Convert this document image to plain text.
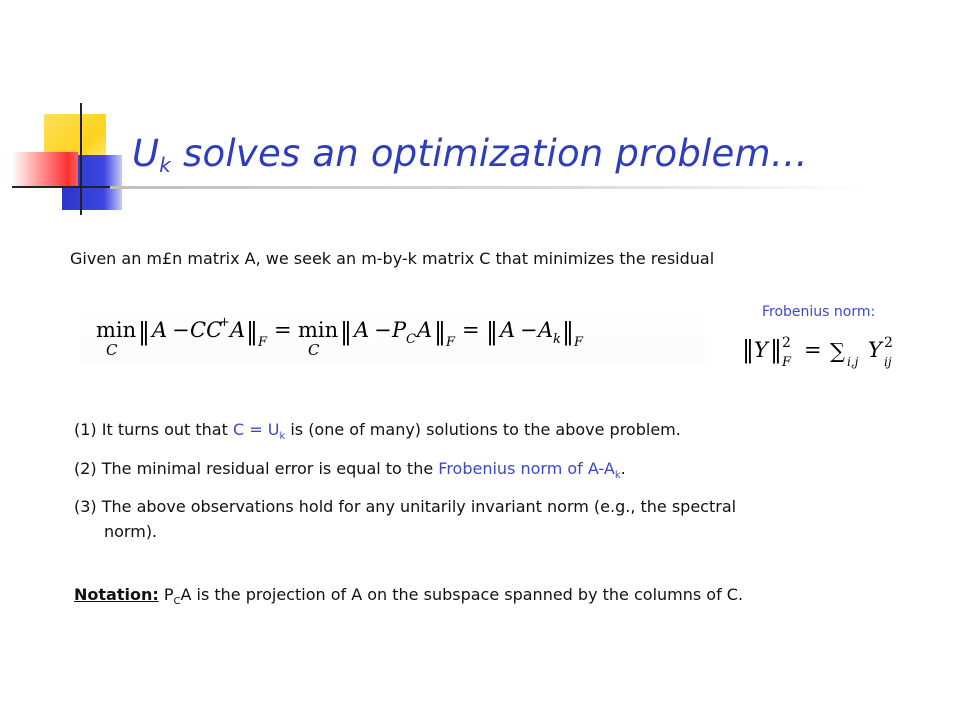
$U_k$ solves an optimization problem…
Given an m£n matrix A, we seek an m-by-k matrix C that minimizes the residual
min
C
‖ A − CC
+ A ‖ F
= min
C
‖ A − P C A ‖ F
= ‖ A − A k ‖ F
Frobenius norm:
‖ Y ‖ 2
F
= ∑ i,j Y 2
ij
(1) It turns out that $C = U_k$ is (one of many) solutions to the above problem.
(2) The minimal residual error is equal to the Frobenius norm of $A-A_k$.
(3) The above observations hold for any unitarily invariant norm (e.g., the spectral
norm).
Notation: $P_CA$ is the projection of A on the subspace spanned by the columns of C.
